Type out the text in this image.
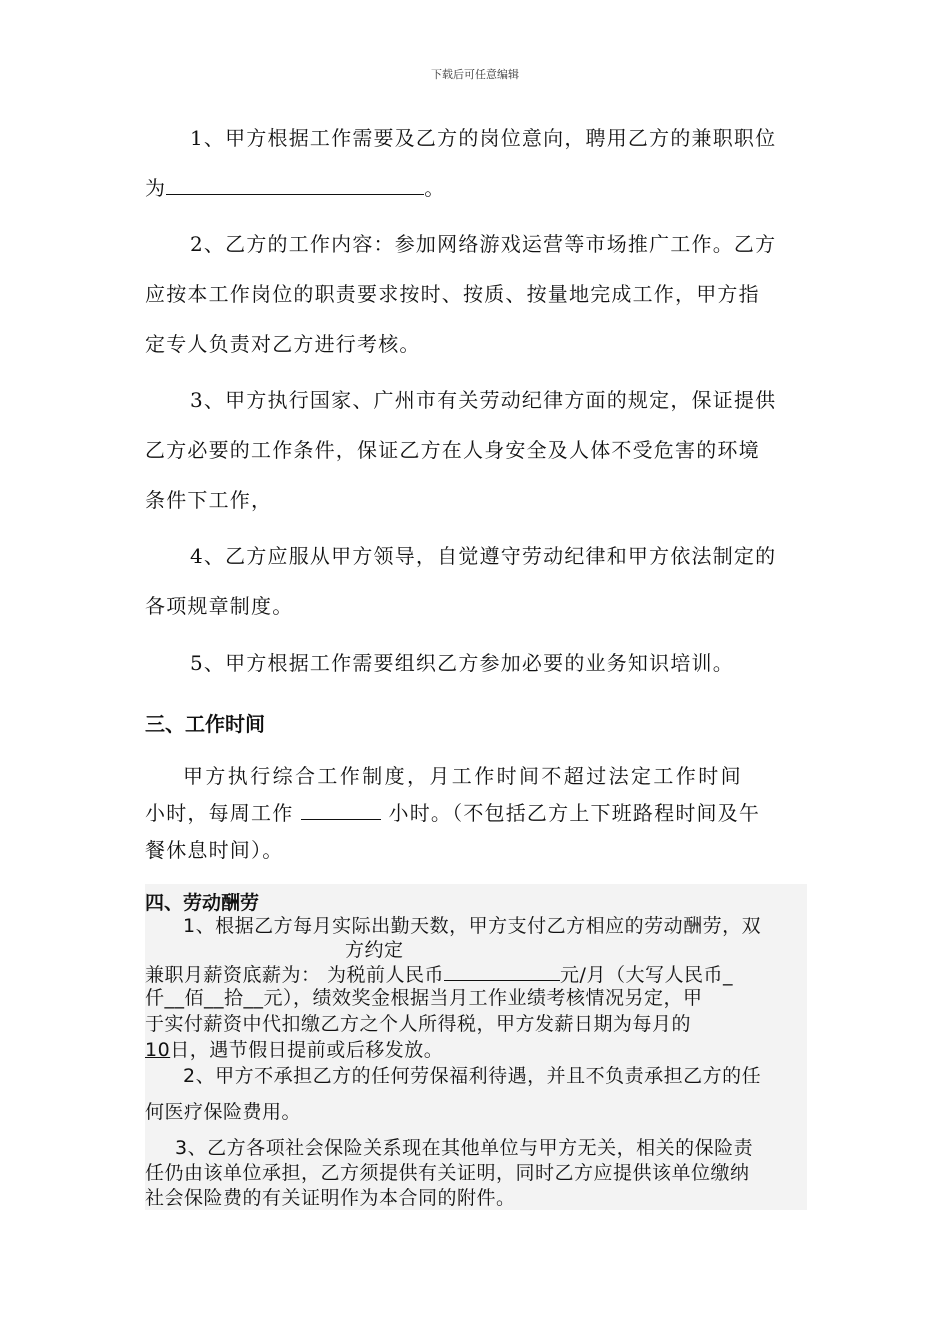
下载后可任意编辑
1、甲方根据工作需要及乙方的岗位意向，聘用乙方的兼职职位
为	。
2、乙方的工作内容：参加网络游戏运营等市场推广工作。乙方
应按本工作岗位的职责要求按时、按质、按量地完成工作，甲方指
定专人负责对乙方进行考核。
3、甲方执行国家、广州市有关劳动纪律方面的规定，保证提供
乙方必要的工作条件，保证乙方在人身安全及人体不受危害的环境
条件下工作，
4、乙方应服从甲方领导，自觉遵守劳动纪律和甲方依法制定的
各项规章制度。
5、甲方根据工作需要组织乙方参加必要的业务知识培训。
三、工作时间
甲方执行综合工作制度，月工作时间不超过法定工作时间
小时，每周工作	小时。（不包括乙方上下班路程时间及午
餐休息时间）。
四、劳动酬劳
1、根据乙方每月实际出勤天数，甲方支付乙方相应的劳动酬劳，双
方约定
兼职月薪资底薪为： 为税前人民币	元/月（大写人民币_
仟__佰__拾__元），绩效奖金根据当月工作业绩考核情况另定，甲
于实付薪资中代扣缴乙方之个人所得税，甲方发薪日期为每月的
10日，遇节假日提前或后移发放。
2、甲方不承担乙方的任何劳保福利待遇，并且不负责承担乙方的任
何医疗保险费用。
3、乙方各项社会保险关系现在其他单位与甲方无关，相关的保险责
任仍由该单位承担，乙方须提供有关证明，同时乙方应提供该单位缴纳
社会保险费的有关证明作为本合同的附件。
